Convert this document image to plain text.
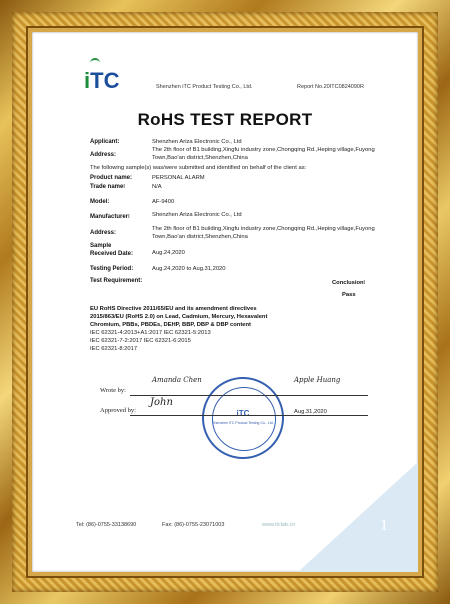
iTC	Shenzhen iTC Product Testing Co., Ltd.	Report No.20ITC0824090R
RoHS TEST REPORT
Applicant:	Shenzhen Ariza Electronic Co., Ltd
Address:
The 2th floor of B1 building,Xingfu industry zone,Chongqing Rd.,Heping village,Fuyong Town,Bao'an district,Shenzhen,China
The following sample(s) was/were submitted and identified on behalf of the client as:
Product name:	PERSONAL ALARM
Trade name∶	N/A
Model:	AF-9400
Manufacturer∶	Shenzhen Ariza Electronic Co., Ltd
Address:
The 2th floor of B1 building,Xingfu industry zone,Chongqing Rd.,Heping village,Fuyong Town,Bao'an district,Shenzhen,China
Sample
Received Date:	Aug.24,2020
Testing Period:	Aug.24,2020 to Aug.31,2020
Test Requirement:	Conclusion∶
Pass
EU RoHS Directive 2011/65/EU and its amendment directives
2015/863/EU (RoHS 2.0) on Lead, Cadmium, Mercury, Hexavalent
Chromium, PBBs, PBDEs, DEHP, BBP, DBP & DBP content
IEC 62321-4:2013+A1:2017 IEC 62321-5:2013
IEC 62321-7-2:2017 IEC 62321-6:2015
IEC 62321-8:2017
iTC
Shenzhen iTC Product Testing Co., Ltd.
Wrote by:
Amanda Chen	Apple Huang
Approved by:
John
Aug.31,2020
Tel: (86)-0755-33138690	Fax: (86)-0755-23071003	www.itclab.cn	1
